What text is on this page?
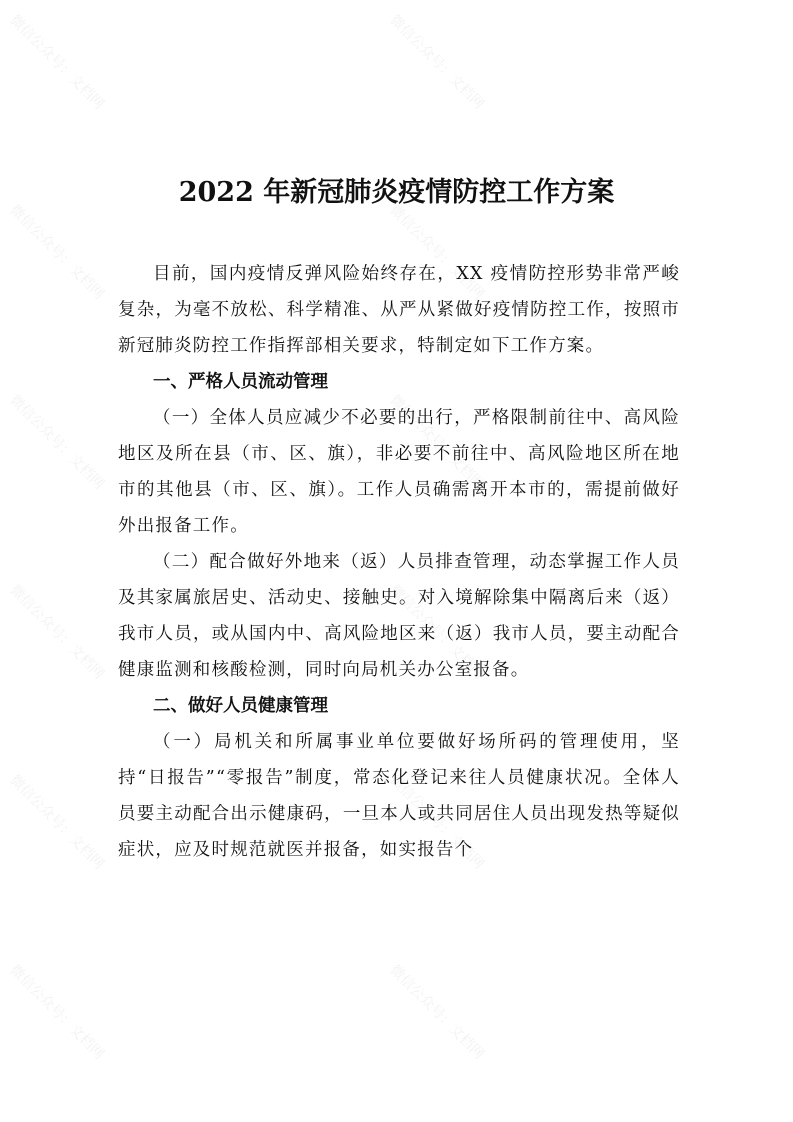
2022 年新冠肺炎疫情防控工作方案

目前，国内疫情反弹风险始终存在，XX 疫情防控形势非常严峻复杂，为毫不放松、科学精准、从严从紧做好疫情防控工作，按照市新冠肺炎防控工作指挥部相关要求，特制定如下工作方案。

一、严格人员流动管理

（一）全体人员应减少不必要的出行，严格限制前往中、高风险地区及所在县（市、区、旗），非必要不前往中、高风险地区所在地市的其他县（市、区、旗）。工作人员确需离开本市的，需提前做好外出报备工作。

（二）配合做好外地来（返）人员排查管理，动态掌握工作人员及其家属旅居史、活动史、接触史。对入境解除集中隔离后来（返）我市人员，或从国内中、高风险地区来（返）我市人员，要主动配合健康监测和核酸检测，同时向局机关办公室报备。

二、做好人员健康管理

（一）局机关和所属事业单位要做好场所码的管理使用，坚持“日报告”“零报告”制度，常态化登记来往人员健康状况。全体人员要主动配合出示健康码，一旦本人或共同居住人员出现发热等疑似症状，应及时规范就医并报备，如实报告个

微信公众号：文档网	微信公众号：文档网
微信公众号：文档网	微信公众号：文档网
微信公众号：文档网	微信公众号：文档网
微信公众号：文档网	微信公众号：文档网
微信公众号：文档网	微信公众号：文档网
微信公众号：文档网	微信公众号：文档网
